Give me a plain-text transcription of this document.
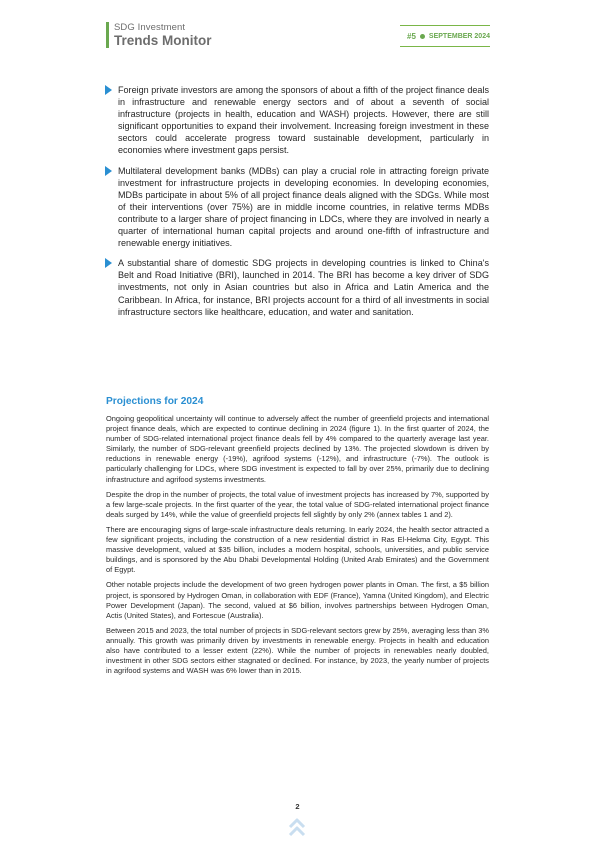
SDG Investment
Trends Monitor	#5 SEPTEMBER 2024

Foreign private investors are among the sponsors of about a fifth of the project finance deals in infrastructure and renewable energy sectors and of about a seventh of social infrastructure (projects in health, education and WASH) projects. However, there are still significant opportunities to expand their involvement. Increasing foreign investment in these sectors could accelerate progress toward sustainable development, particularly in economies where investment gaps persist.

Multilateral development banks (MDBs) can play a crucial role in attracting foreign private investment for infrastructure projects in developing economies. In developing economies, MDBs participate in about 5% of all project finance deals aligned with the SDGs. While most of their interventions (over 75%) are in middle income countries, in relative terms MDBs contribute to a larger share of project financing in LDCs, where they are involved in nearly a quarter of international human capital projects and around one-fifth of infrastructure and renewable energy initiatives.

A substantial share of domestic SDG projects in developing countries is linked to China's Belt and Road Initiative (BRI), launched in 2014. The BRI has become a key driver of SDG investments, not only in Asian countries but also in Africa and Latin America and the Caribbean. In Africa, for instance, BRI projects account for a third of all investments in social infrastructure sectors like healthcare, education, and water and sanitation.

Projections for 2024

Ongoing geopolitical uncertainty will continue to adversely affect the number of greenfield projects and international project finance deals, which are expected to continue declining in 2024 (figure 1). In the first quarter of 2024, the number of SDG-related international project finance deals fell by 4% compared to the quarterly average last year. Similarly, the number of SDG-relevant greenfield projects declined by 13%. The projected slowdown is driven by reductions in renewable energy (-19%), agrifood systems (-12%), and infrastructure (-7%). The outlook is particularly challenging for LDCs, where SDG investment is expected to fall by over 25%, primarily due to declining infrastructure and agrifood systems investments.

Despite the drop in the number of projects, the total value of investment projects has increased by 7%, supported by a few large-scale projects. In the first quarter of the year, the total value of SDG-related international project finance deals surged by 14%, while the value of greenfield projects fell slightly by only 2% (annex tables 1 and 2).

There are encouraging signs of large-scale infrastructure deals returning. In early 2024, the health sector attracted a few significant projects, including the construction of a new residential district in Ras El-Hekma City, Egypt. This massive development, valued at $35 billion, includes a modern hospital, schools, universities, and public service buildings, and is sponsored by the Abu Dhabi Developmental Holding (United Arab Emirates) and the Government of Egypt.

Other notable projects include the development of two green hydrogen power plants in Oman. The first, a $5 billion project, is sponsored by Hydrogen Oman, in collaboration with EDF (France), Yamna (United Kingdom), and Electric Power Development (Japan). The second, valued at $6 billion, involves partnerships between Hydrogen Oman, Actis (United States), and Fortescue (Australia).

Between 2015 and 2023, the total number of projects in SDG-relevant sectors grew by 25%, averaging less than 3% annually. This growth was primarily driven by investments in renewable energy. Projects in health and education also have contributed to a lesser extent (22%). While the number of projects in renewables nearly doubled, investment in other SDG sectors either stagnated or declined. For instance, by 2023, the yearly number of projects in agrifood systems and WASH was 6% lower than in 2015.

2
